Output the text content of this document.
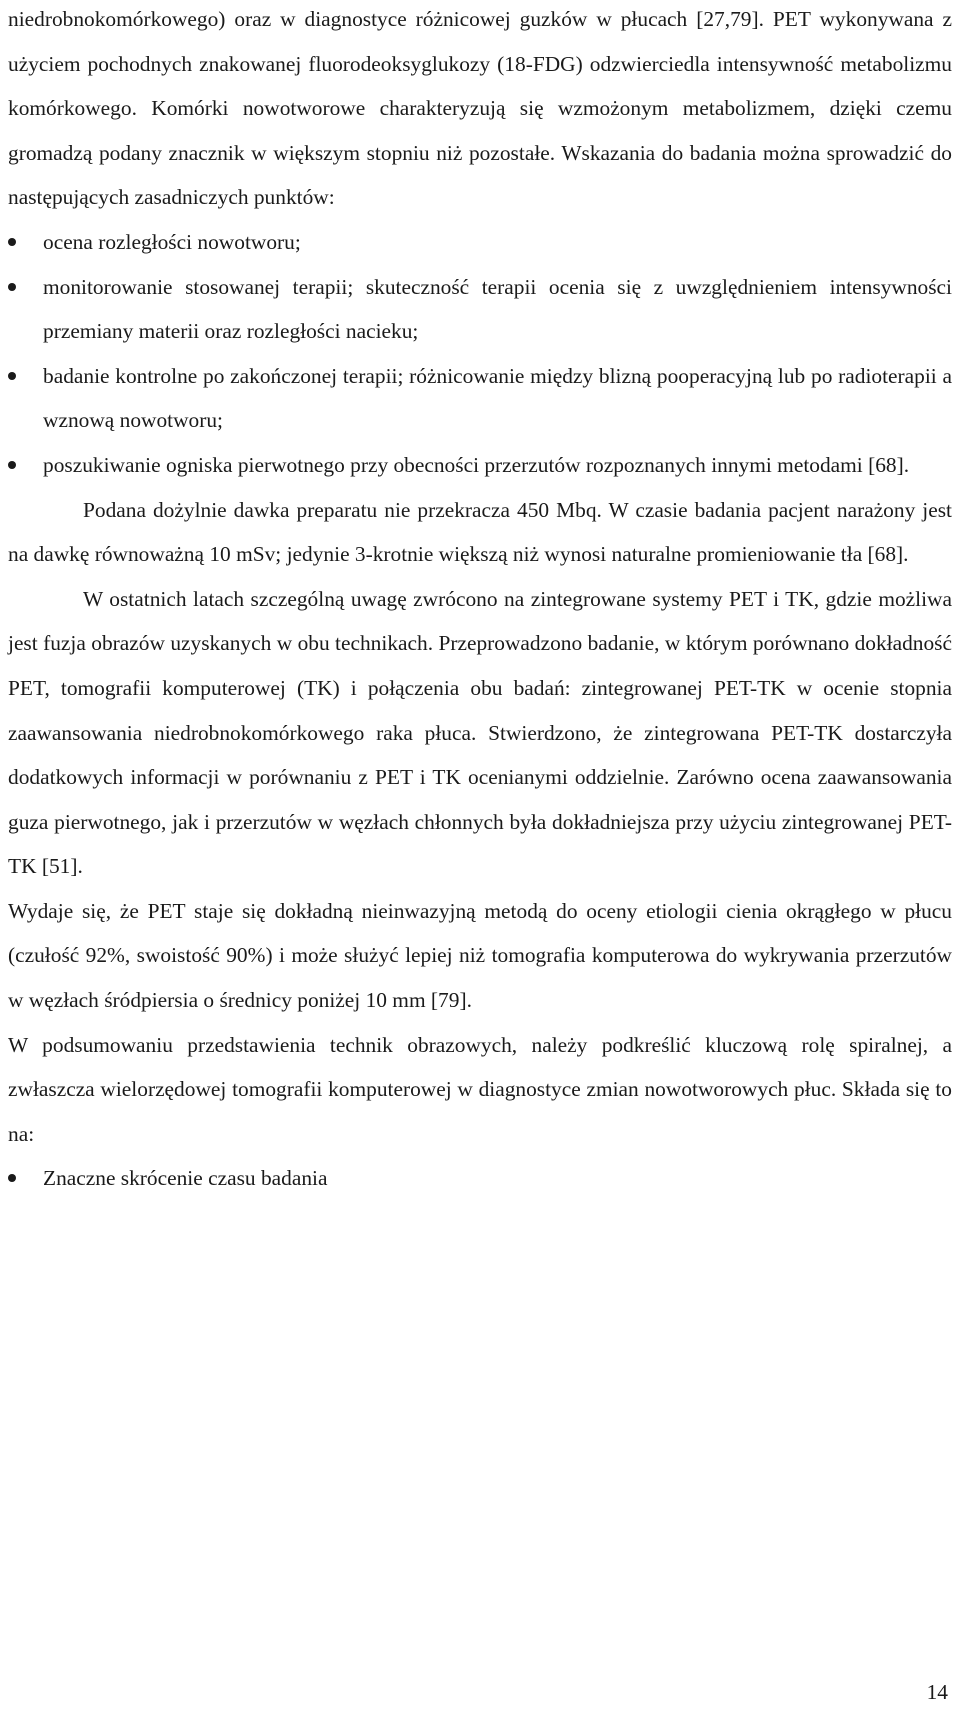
niedrobnokomórkowego) oraz w diagnostyce różnicowej guzków w płucach [27,79]. PET wykonywana z użyciem pochodnych znakowanej fluorodeoksyglukozy (18-FDG) odzwierciedla intensywność metabolizmu komórkowego. Komórki nowotworowe charakteryzują się wzmożonym metabolizmem, dzięki czemu gromadzą podany znacznik w większym stopniu niż pozostałe. Wskazania do badania można sprowadzić do następujących zasadniczych punktów:

ocena rozległości nowotworu;
monitorowanie stosowanej terapii; skuteczność terapii ocenia się z uwzględnieniem intensywności przemiany materii oraz rozległości nacieku;
badanie kontrolne po zakończonej terapii; różnicowanie między blizną pooperacyjną lub po radioterapii a wznową nowotworu;
poszukiwanie ogniska pierwotnego przy obecności przerzutów rozpoznanych innymi metodami [68].

Podana dożylnie dawka preparatu nie przekracza 450 Mbq. W czasie badania pacjent narażony jest na dawkę równoważną 10 mSv; jedynie 3-krotnie większą niż wynosi naturalne promieniowanie tła [68].

W ostatnich latach szczególną uwagę zwrócono na zintegrowane systemy PET i TK, gdzie możliwa jest fuzja obrazów uzyskanych w obu technikach. Przeprowadzono badanie, w którym porównano dokładność PET, tomografii komputerowej (TK) i połączenia obu badań: zintegrowanej PET-TK w ocenie stopnia zaawansowania niedrobnokomórkowego raka płuca. Stwierdzono, że zintegrowana PET-TK dostarczyła dodatkowych informacji w porównaniu z PET i TK ocenianymi oddzielnie. Zarówno ocena zaawansowania guza pierwotnego, jak i przerzutów w węzłach chłonnych była dokładniejsza przy użyciu zintegrowanej PET-TK [51].

Wydaje się, że PET staje się dokładną nieinwazyjną metodą do oceny etiologii cienia okrągłego w płucu (czułość 92%, swoistość 90%) i może służyć lepiej niż tomografia komputerowa do wykrywania przerzutów w węzłach śródpiersia o średnicy poniżej 10 mm [79].

W podsumowaniu przedstawienia technik obrazowych, należy podkreślić kluczową rolę spiralnej, a zwłaszcza wielorzędowej tomografii komputerowej w diagnostyce zmian nowotworowych płuc. Składa się to na:

Znaczne skrócenie czasu badania
14
